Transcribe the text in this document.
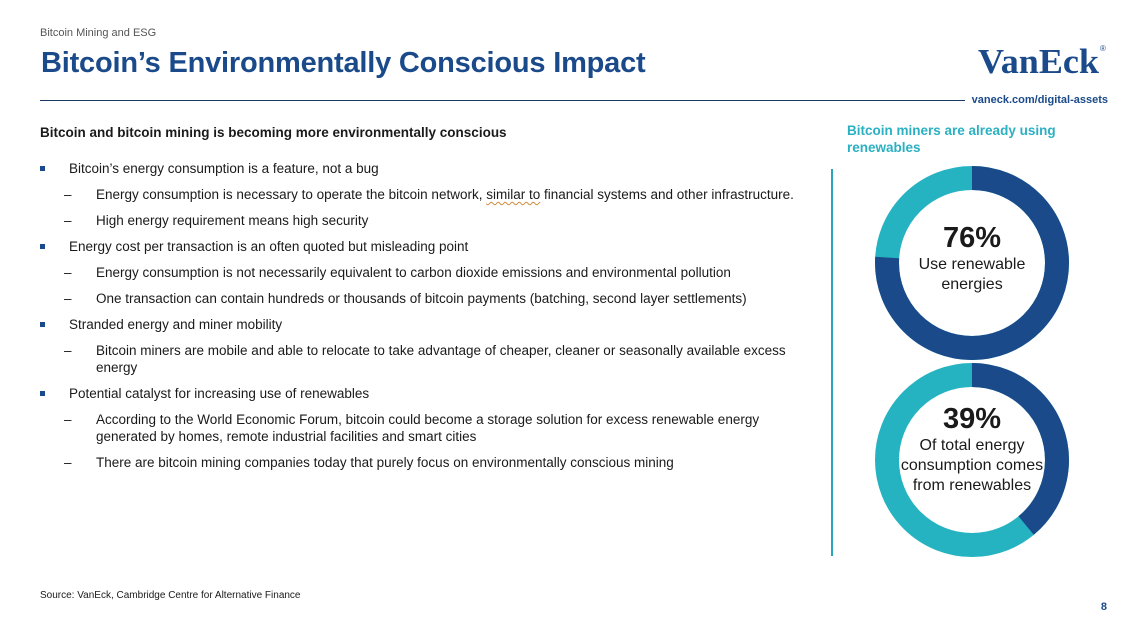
Bitcoin Mining and ESG
Bitcoin’s Environmentally Conscious Impact	VanEck ®
vaneck.com/digital-assets
Bitcoin and bitcoin mining is becoming more environmentally conscious
Bitcoin’s energy consumption is a feature, not a bug
– Energy consumption is necessary to operate the bitcoin network, similar to financial systems and other infrastructure.
– High energy requirement means high security
Energy cost per transaction is an often quoted but misleading point
– Energy consumption is not necessarily equivalent to carbon dioxide emissions and environmental pollution
– One transaction can contain hundreds or thousands of bitcoin payments (batching, second layer settlements)
Stranded energy and miner mobility
– Bitcoin miners are mobile and able to relocate to take advantage of cheaper, cleaner or seasonally available excess energy
Potential catalyst for increasing use of renewables
– According to the World Economic Forum, bitcoin could become a storage solution for excess renewable energy generated by homes, remote industrial facilities and smart cities
– There are bitcoin mining companies today that purely focus on environmentally conscious mining
Bitcoin miners are already using renewables
76%
Use renewable energies
39%
Of total energy consumption comes from renewables
Source: VanEck, Cambridge Centre for Alternative Finance
8
